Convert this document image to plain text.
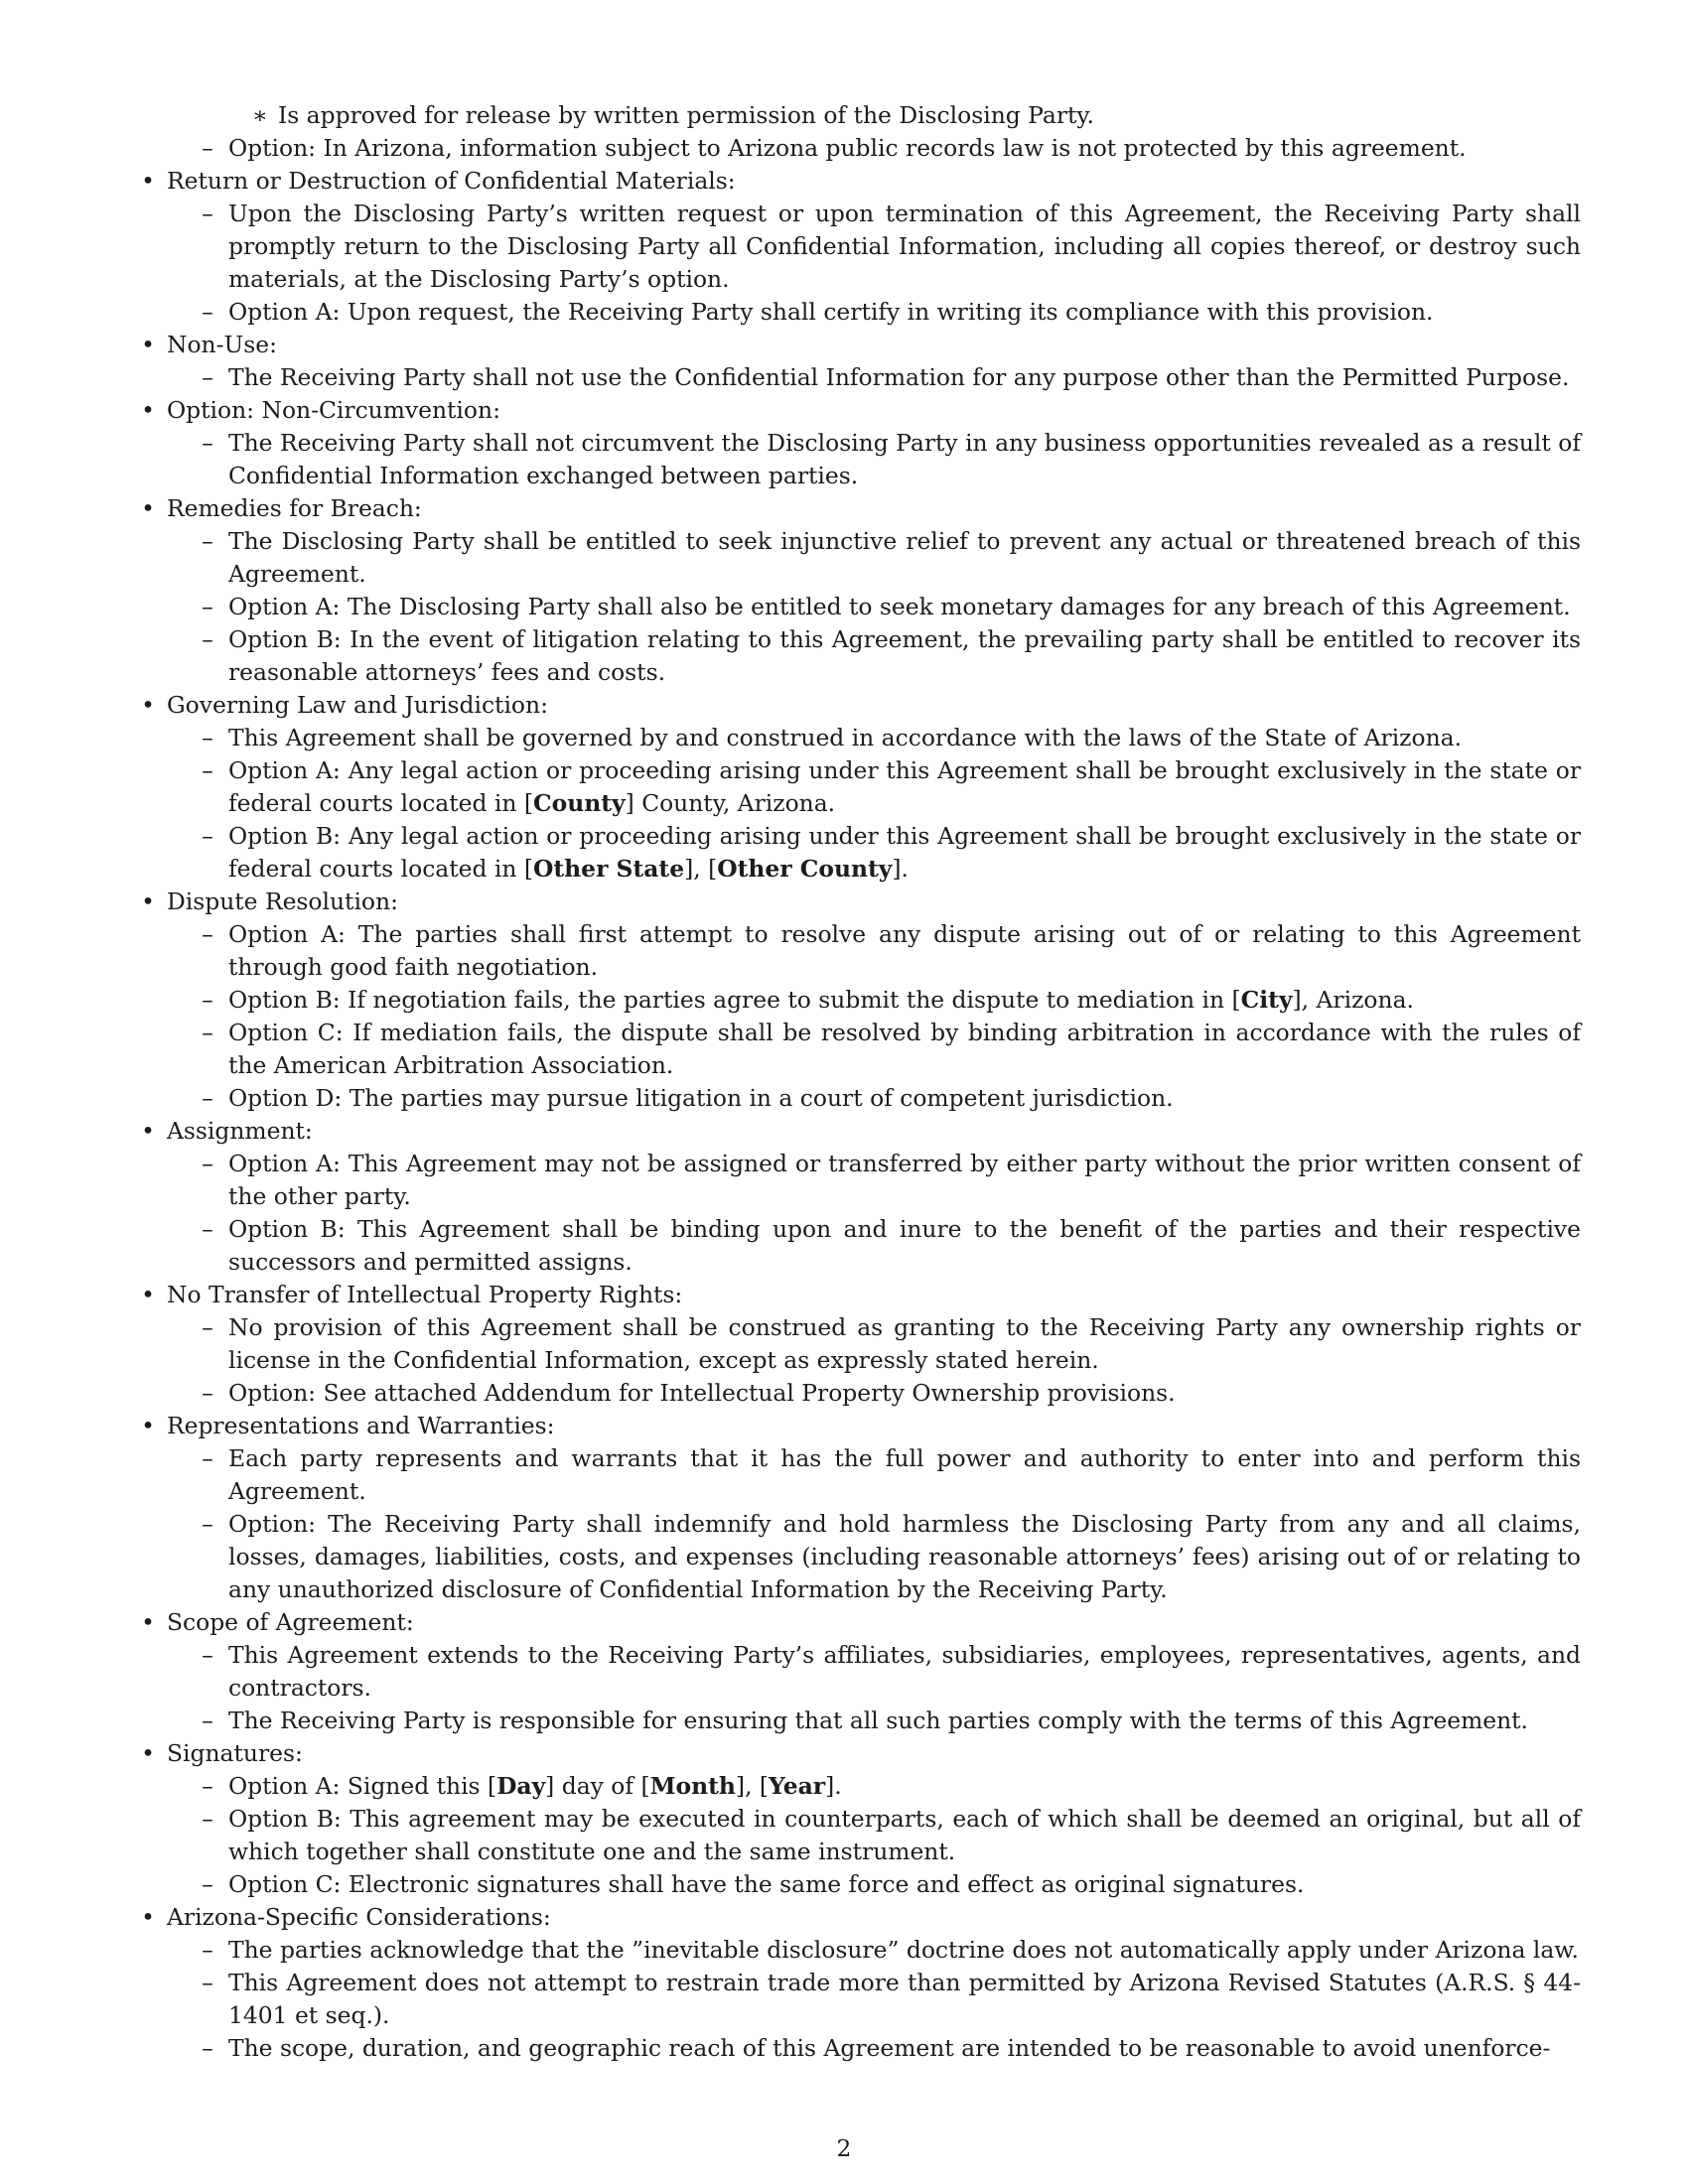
∗ Is approved for release by written permission of the Disclosing Party.
– Option: In Arizona, information subject to Arizona public records law is not protected by this agreement.
• Return or Destruction of Confidential Materials:
– Upon the Disclosing Party’s written request or upon termination of this Agreement, the Receiving Party shall promptly return to the Disclosing Party all Confidential Information, including all copies thereof, or destroy such materials, at the Disclosing Party’s option.
– Option A: Upon request, the Receiving Party shall certify in writing its compliance with this provision.
• Non-Use:
– The Receiving Party shall not use the Confidential Information for any purpose other than the Permitted Purpose.
• Option: Non-Circumvention:
– The Receiving Party shall not circumvent the Disclosing Party in any business opportunities revealed as a result of Confidential Information exchanged between parties.
• Remedies for Breach:
– The Disclosing Party shall be entitled to seek injunctive relief to prevent any actual or threatened breach of this Agreement.
– Option A: The Disclosing Party shall also be entitled to seek monetary damages for any breach of this Agreement.
– Option B: In the event of litigation relating to this Agreement, the prevailing party shall be entitled to recover its reasonable attorneys’ fees and costs.
• Governing Law and Jurisdiction:
– This Agreement shall be governed by and construed in accordance with the laws of the State of Arizona.
– Option A: Any legal action or proceeding arising under this Agreement shall be brought exclusively in the state or federal courts located in [County] County, Arizona.
– Option B: Any legal action or proceeding arising under this Agreement shall be brought exclusively in the state or federal courts located in [Other State], [Other County].
• Dispute Resolution:
– Option A: The parties shall first attempt to resolve any dispute arising out of or relating to this Agreement through good faith negotiation.
– Option B: If negotiation fails, the parties agree to submit the dispute to mediation in [City], Arizona.
– Option C: If mediation fails, the dispute shall be resolved by binding arbitration in accordance with the rules of the American Arbitration Association.
– Option D: The parties may pursue litigation in a court of competent jurisdiction.
• Assignment:
– Option A: This Agreement may not be assigned or transferred by either party without the prior written consent of the other party.
– Option B: This Agreement shall be binding upon and inure to the benefit of the parties and their respective successors and permitted assigns.
• No Transfer of Intellectual Property Rights:
– No provision of this Agreement shall be construed as granting to the Receiving Party any ownership rights or license in the Confidential Information, except as expressly stated herein.
– Option: See attached Addendum for Intellectual Property Ownership provisions.
• Representations and Warranties:
– Each party represents and warrants that it has the full power and authority to enter into and perform this Agreement.
– Option: The Receiving Party shall indemnify and hold harmless the Disclosing Party from any and all claims, losses, damages, liabilities, costs, and expenses (including reasonable attorneys’ fees) arising out of or relating to any unauthorized disclosure of Confidential Information by the Receiving Party.
• Scope of Agreement:
– This Agreement extends to the Receiving Party’s affiliates, subsidiaries, employees, representatives, agents, and contractors.
– The Receiving Party is responsible for ensuring that all such parties comply with the terms of this Agreement.
• Signatures:
– Option A: Signed this [Day] day of [Month], [Year].
– Option B: This agreement may be executed in counterparts, each of which shall be deemed an original, but all of which together shall constitute one and the same instrument.
– Option C: Electronic signatures shall have the same force and effect as original signatures.
• Arizona-Specific Considerations:
– The parties acknowledge that the ”inevitable disclosure” doctrine does not automatically apply under Arizona law.
– This Agreement does not attempt to restrain trade more than permitted by Arizona Revised Statutes (A.R.S. § 44-1401 et seq.).
– The scope, duration, and geographic reach of this Agreement are intended to be reasonable to avoid unenforce-
2
